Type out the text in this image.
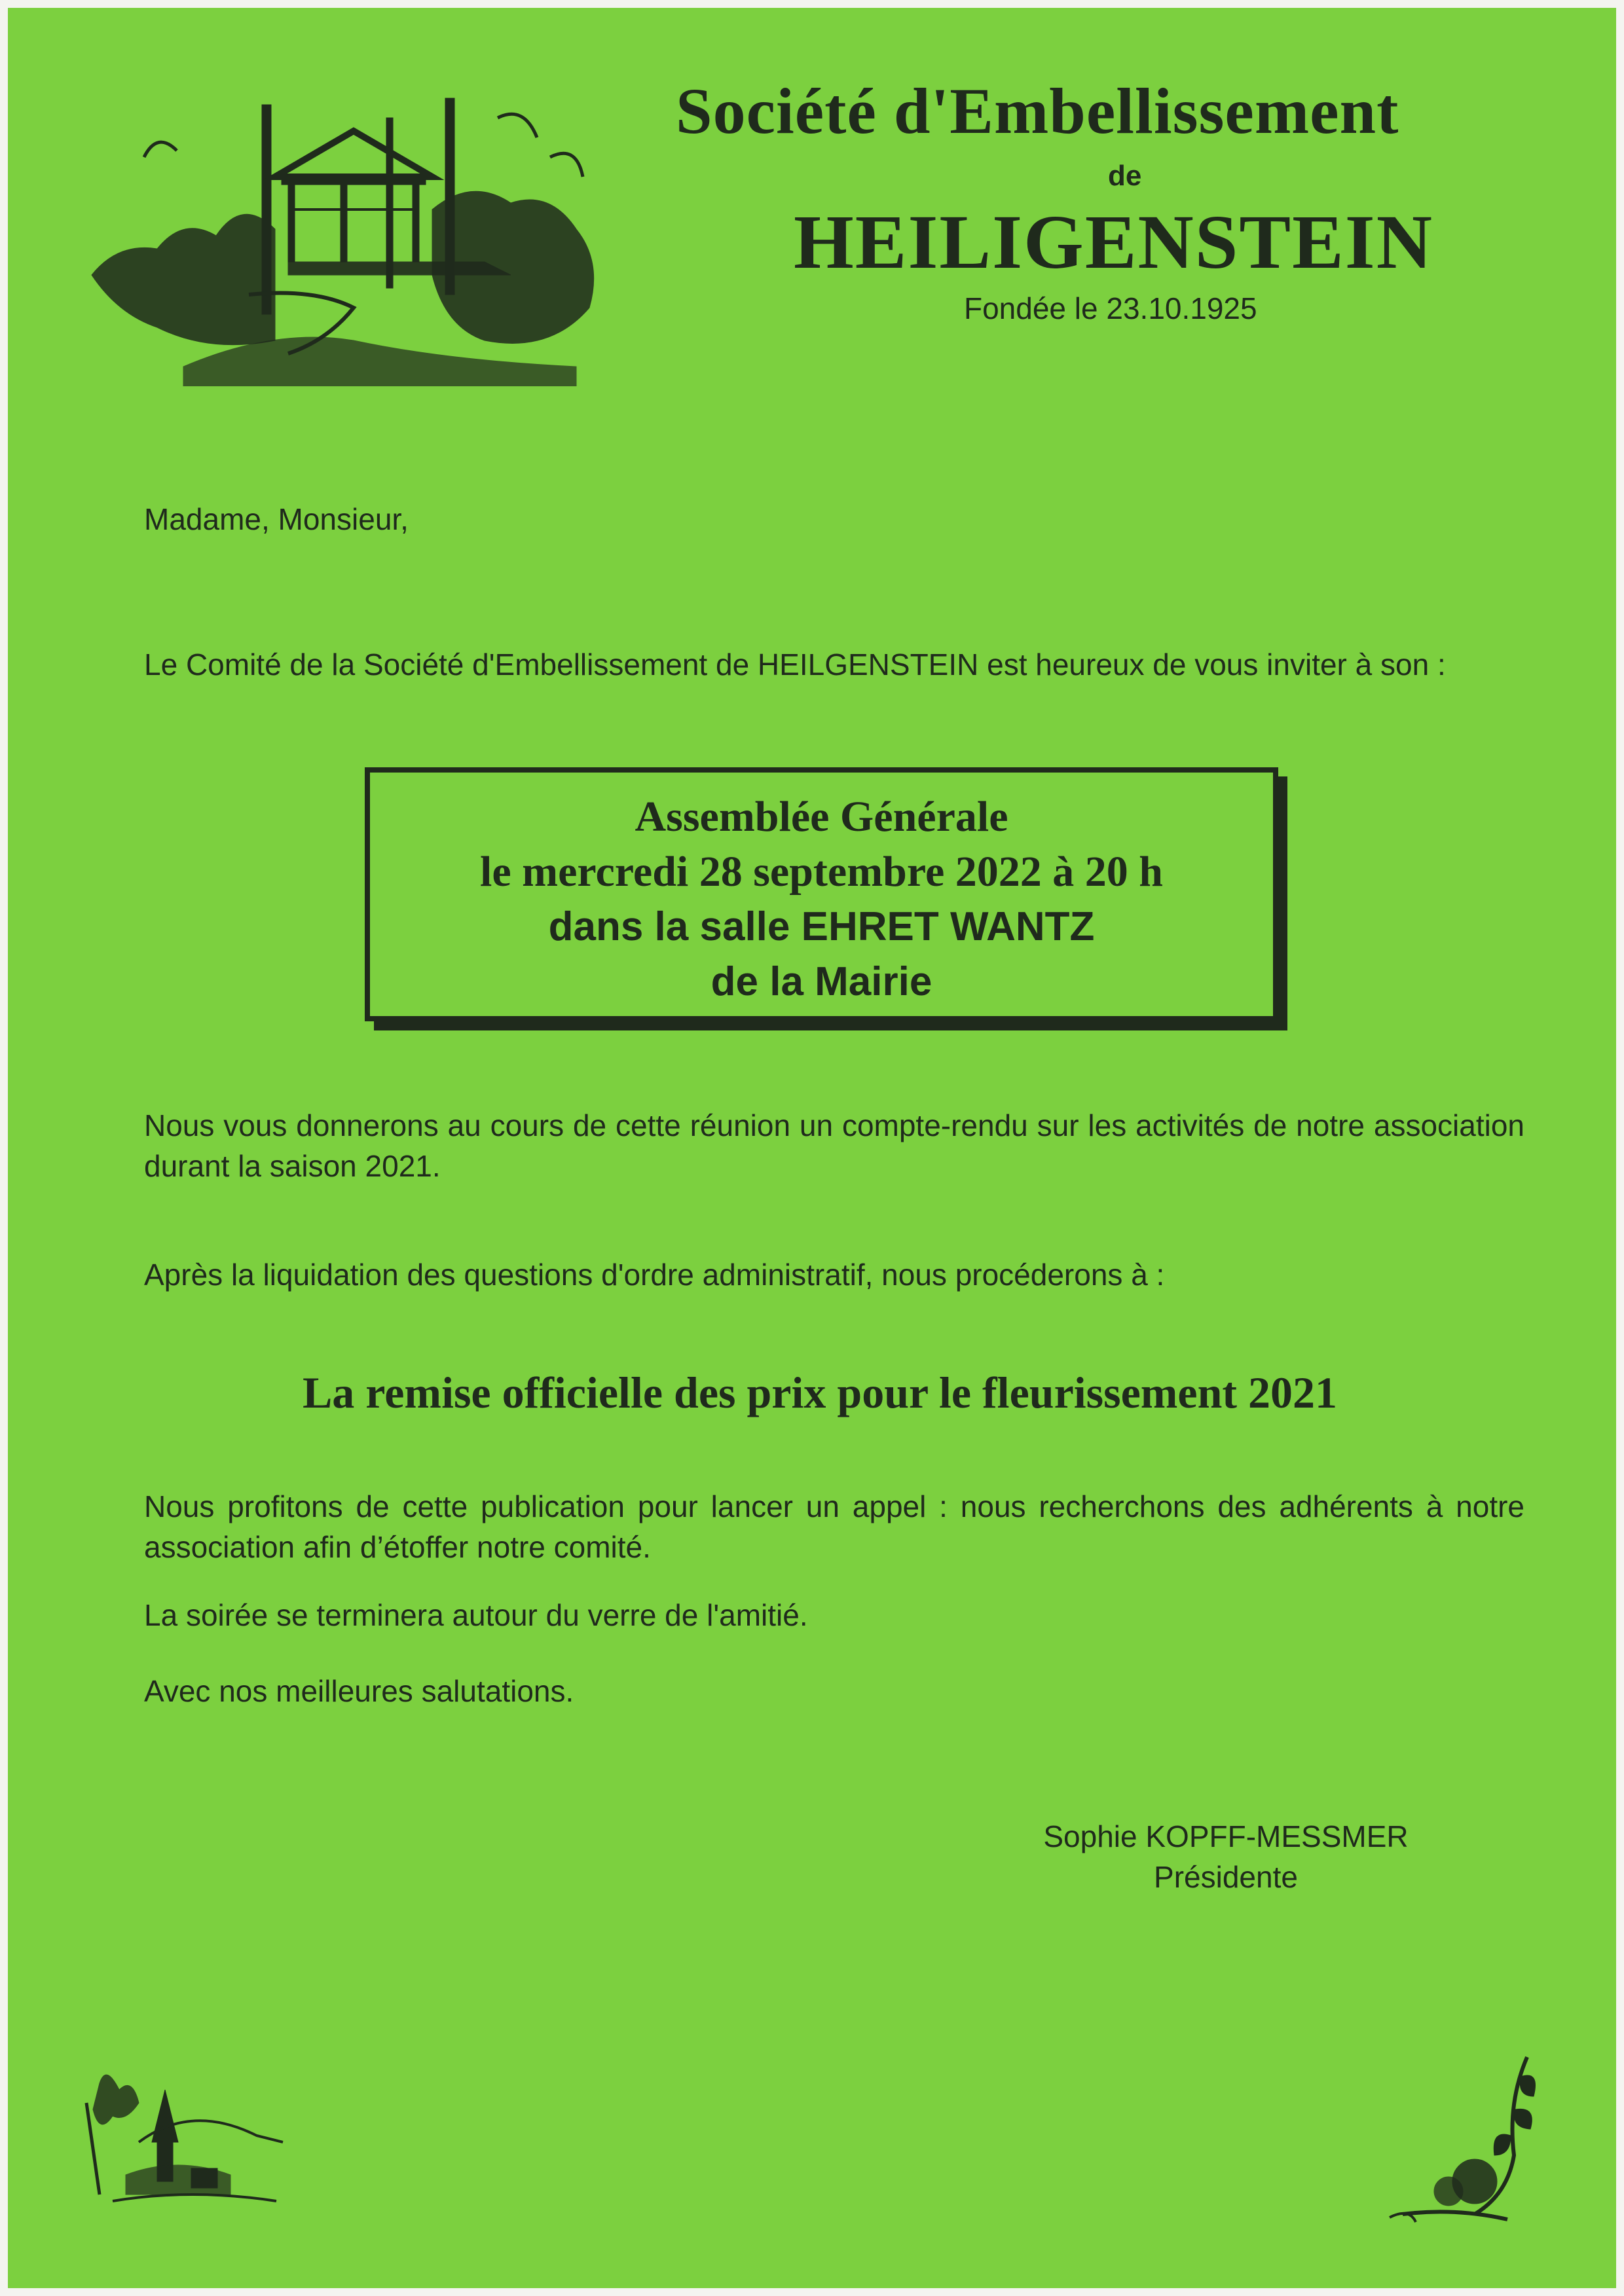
Société d'Embellissement
de
HEILIGENSTEIN
Fondée le 23.10.1925
Madame, Monsieur,
Le Comité de la Société d'Embellissement de HEILGENSTEIN est heureux de vous inviter à son :
Assemblée Générale
le mercredi 28 septembre 2022 à 20 h
dans la salle EHRET WANTZ
de la Mairie
Nous vous donnerons au cours de cette réunion un compte-rendu sur les activités de notre association durant la saison 2021.
Après la liquidation des questions d'ordre administratif, nous procéderons à :
La remise officielle des prix pour le fleurissement 2021
Nous profitons de cette publication pour lancer un appel : nous recherchons des adhérents à notre association afin d’étoffer notre comité.
La soirée se terminera autour du verre de l'amitié.
Avec nos meilleures salutations.
Sophie KOPFF-MESSMER
Présidente
